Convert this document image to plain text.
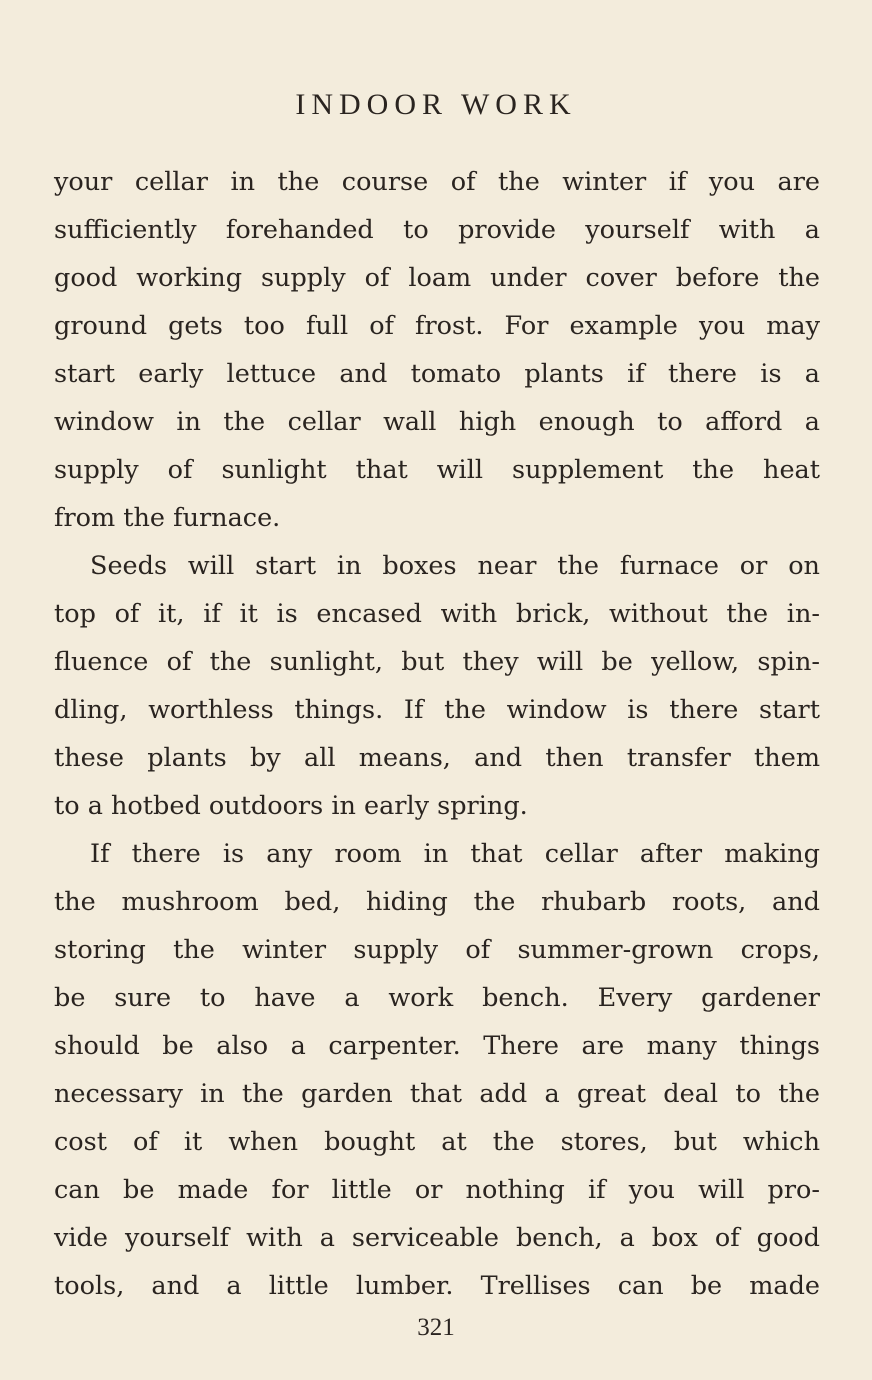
INDOOR WORK
your cellar in the course of the winter if you are
sufficiently forehanded to provide yourself with a
good working supply of loam under cover before the
ground gets too full of frost. For example you may
start early lettuce and tomato plants if there is a
window in the cellar wall high enough to afford a
supply of sunlight that will supplement the heat
from the furnace.
Seeds will start in boxes near the furnace or on
top of it, if it is encased with brick, without the in-
fluence of the sunlight, but they will be yellow, spin-
dling, worthless things. If the window is there start
these plants by all means, and then transfer them
to a hotbed outdoors in early spring.
If there is any room in that cellar after making
the mushroom bed, hiding the rhubarb roots, and
storing the winter supply of summer-grown crops,
be sure to have a work bench. Every gardener
should be also a carpenter. There are many things
necessary in the garden that add a great deal to the
cost of it when bought at the stores, but which
can be made for little or nothing if you will pro-
vide yourself with a serviceable bench, a box of good
tools, and a little lumber. Trellises can be made
321
